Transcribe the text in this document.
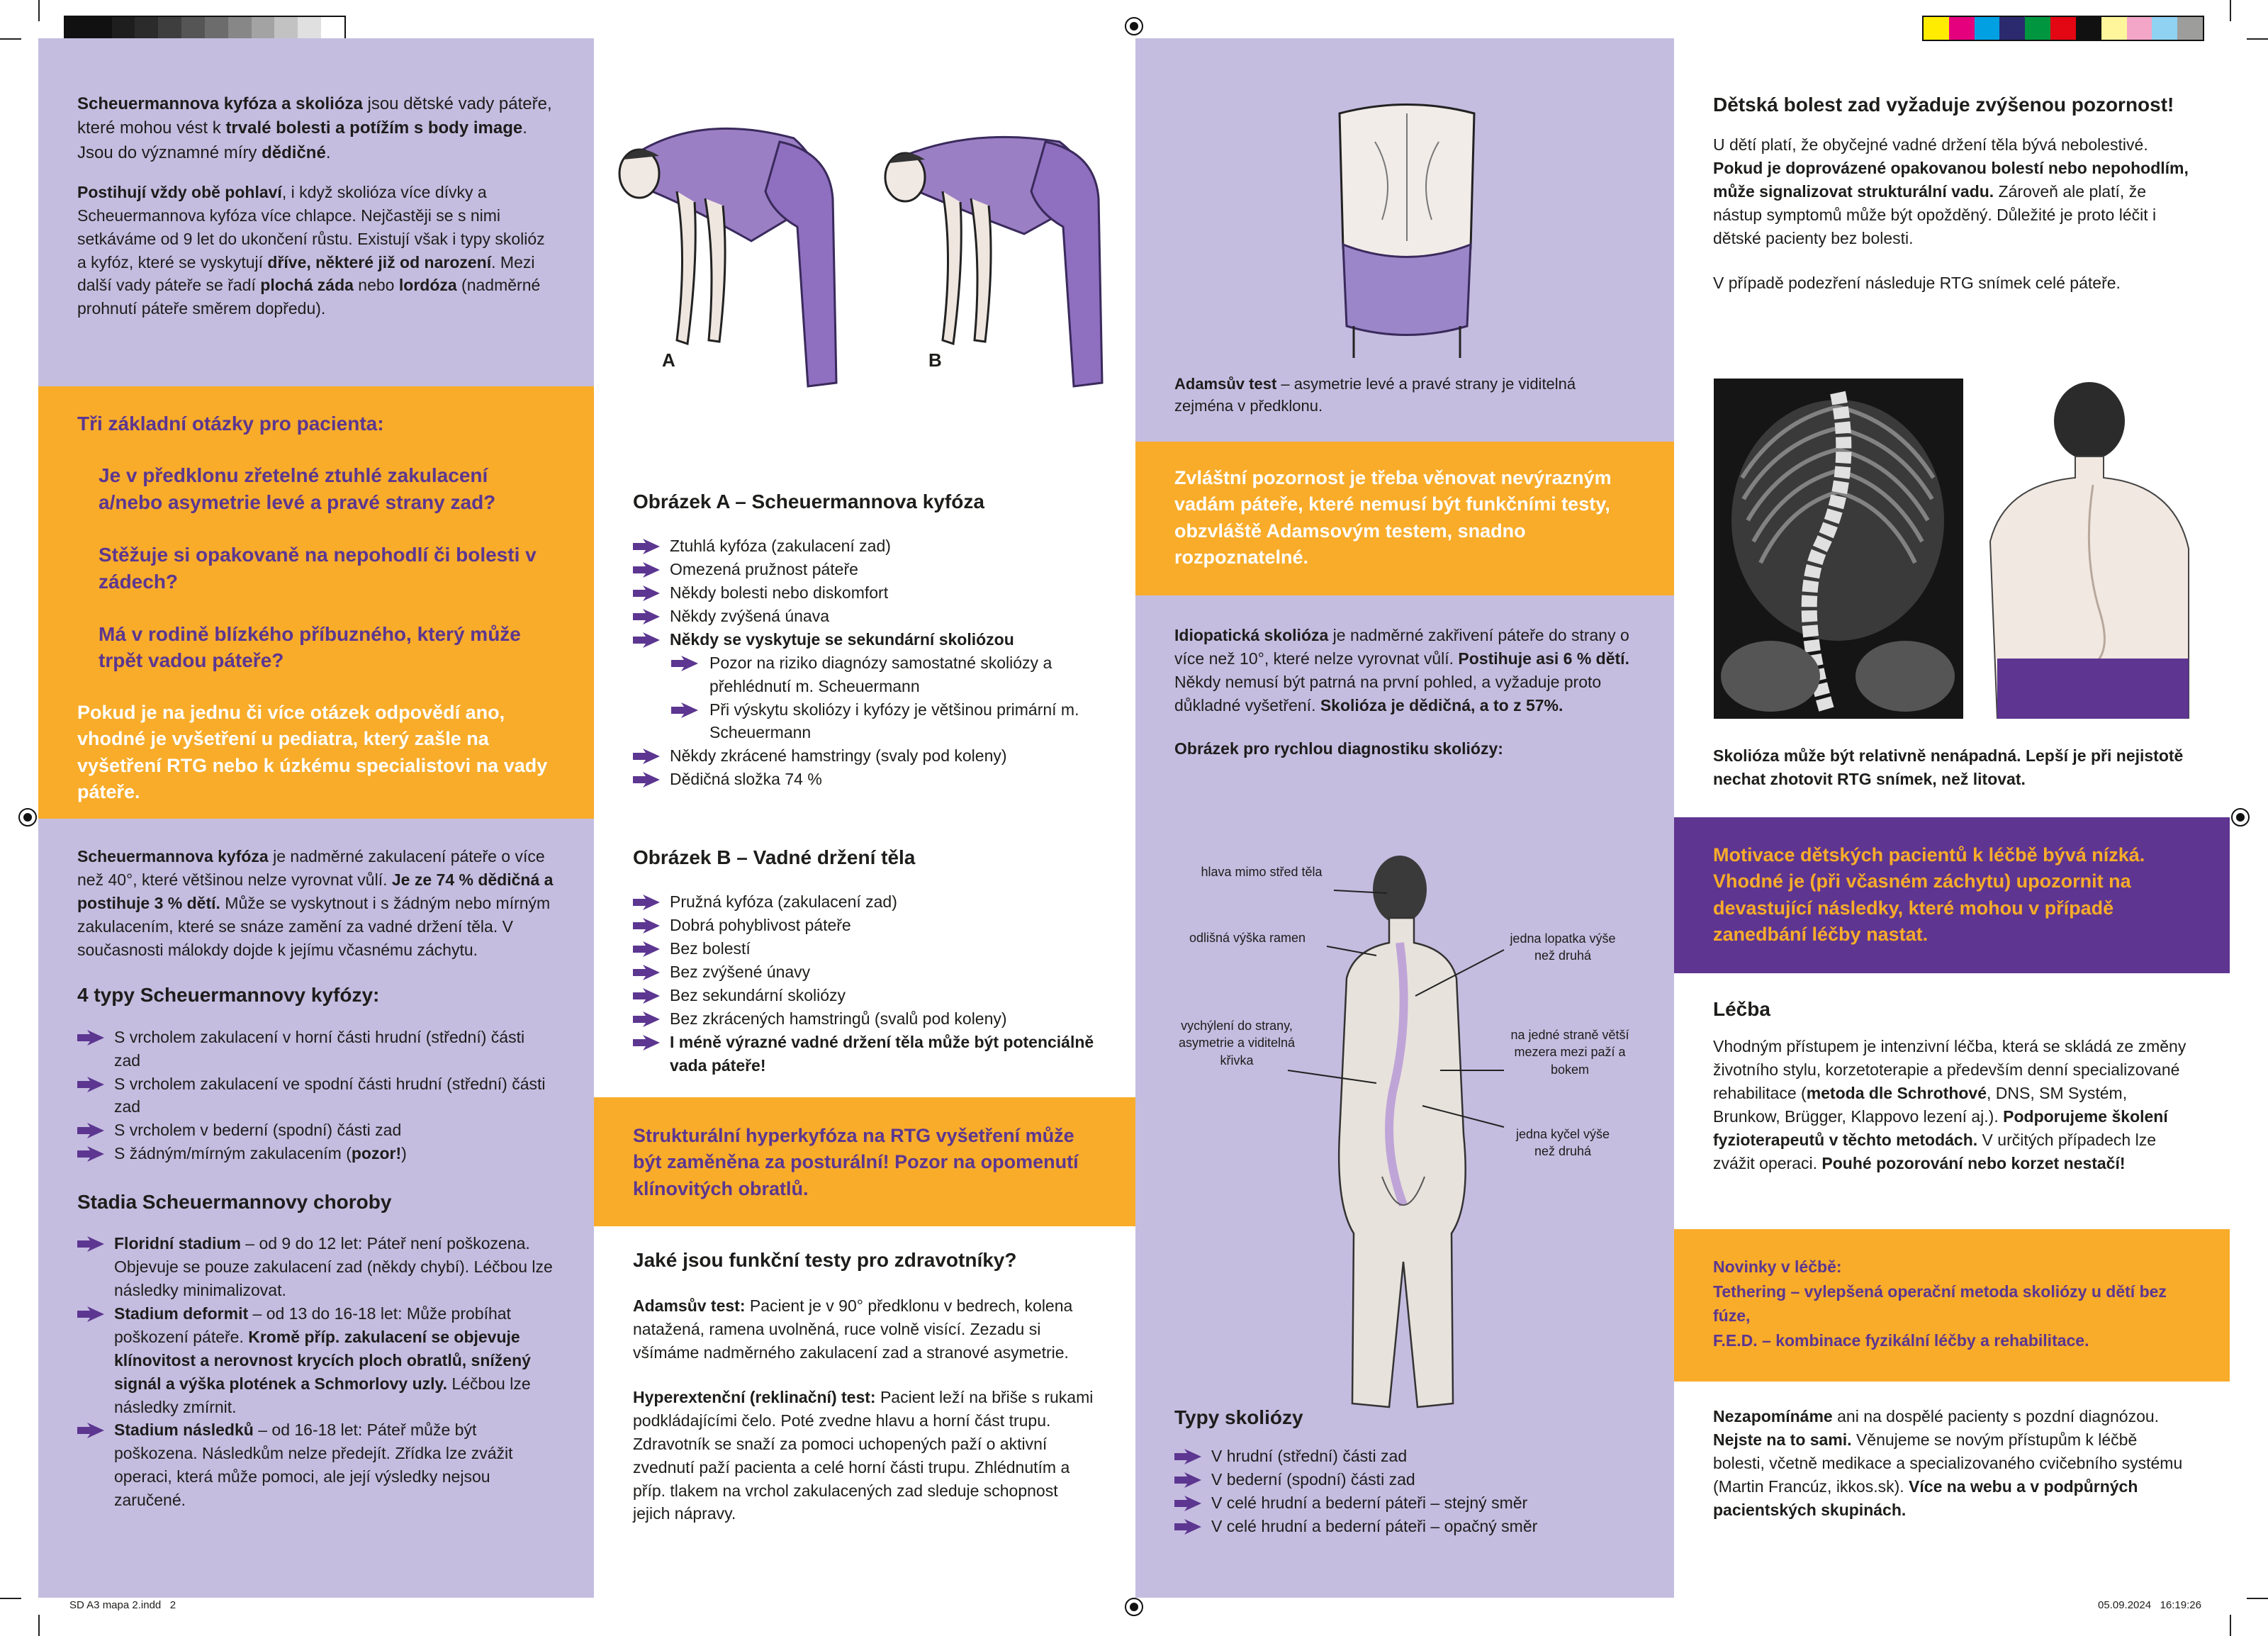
Scheuermannova kyfóza a skolióza jsou dětské vady páteře, které mohou vést k trvalé bolesti a potížím s body image. Jsou do významné míry dědičné.

Postihují vždy obě pohlaví, i když skolióza více dívky a Scheuermannova kyfóza více chlapce. Nejčastěji se s nimi setkáváme od 9 let do ukončení růstu. Existují však i typy skolióz a kyfóz, které se vyskytují dříve, některé již od narození. Mezi další vady páteře se řadí plochá záda nebo lordóza (nadměrné prohnutí páteře směrem dopředu).

Tři základní otázky pro pacienta:
1. Je v předklonu zřetelné ztuhlé zakulacení a/nebo asymetrie levé a pravé strany zad?
2. Stěžuje si opakovaně na nepohodlí či bolesti v zádech?
3. Má v rodině blízkého příbuzného, který může trpět vadou páteře?
Pokud je na jednu či více otázek odpovědí ano, vhodné je vyšetření u pediatra, který zašle na vyšetření RTG nebo k úzkému specialistovi na vady páteře.

Scheuermannova kyfóza je nadměrné zakulacení páteře o více než 40°, které většinou nelze vyrovnat vůlí. Je ze 74 % dědičná a postihuje 3 % dětí. Může se vyskytnout i s žádným nebo mírným zakulacením, které se snáze zamění za vadné držení těla. V současnosti málokdy dojde k jejímu včasnému záchytu.

4 typy Scheuermannovy kyfózy:
S vrcholem zakulacení v horní části hrudní (střední) části zad
S vrcholem zakulacení ve spodní části hrudní (střední) části zad
S vrcholem v bederní (spodní) části zad
S žádným/mírným zakulacením (pozor!)
Stadia Scheuermannovy choroby
Floridní stadium – od 9 do 12 let: Páteř není poškozena. Objevuje se pouze zakulacení zad (někdy chybí). Léčbou lze následky minimalizovat.
Stadium deformit – od 13 do 16-18 let: Může probíhat poškození páteře. Kromě příp. zakulacení se objevuje klínovitost a nerovnost krycích ploch obratlů, snížený signál a výška plotének a Schmorlovy uzly. Léčbou lze následky zmírnit.
Stadium následků – od 16-18 let: Páteř může být poškozena. Následkům nelze předejít. Zřídka lze zvážit operaci, která může pomoci, ale její výsledky nejsou zaručené.
A	B
Obrázek A – Scheuermannova kyfóza
Ztuhlá kyfóza (zakulacení zad)
Omezená pružnost páteře
Někdy bolesti nebo diskomfort
Někdy zvýšená únava
Někdy se vyskytuje se sekundární skoliózou
Pozor na riziko diagnózy samostatné skoliózy a přehlédnutí m. Scheuermann
Při výskytu skoliózy i kyfózy je většinou primární m. Scheuermann
Někdy zkrácené hamstringy (svaly pod koleny)
Dědičná složka 74 %
Obrázek B – Vadné držení těla
Pružná kyfóza (zakulacení zad)
Dobrá pohyblivost páteře
Bez bolestí
Bez zvýšené únavy
Bez sekundární skoliózy
Bez zkrácených hamstringů (svalů pod koleny)
I méně výrazné vadné držení těla může být potenciálně vada páteře!
Strukturální hyperkyfóza na RTG vyšetření může být zaměněna za posturální! Pozor na opomenutí klínovitých obratlů.
Jaké jsou funkční testy pro zdravotníky?

Adamsův test: Pacient je v 90° předklonu v bedrech, kolena natažená, ramena uvolněná, ruce volně visící. Zezadu si všímáme nadměrného zakulacení zad a stranové asymetrie.

Hyperextenční (reklinační) test: Pacient leží na břiše s rukami podkládajícími čelo. Poté zvedne hlavu a horní část trupu. Zdravotník se snaží za pomoci uchopených paží o aktivní zvednutí paží pacienta a celé horní části trupu. Zhlédnutím a příp. tlakem na vrchol zakulacených zad sleduje schopnost jejich nápravy.

Adamsův test – asymetrie levé a pravé strany je viditelná zejména v předklonu.
Zvláštní pozornost je třeba věnovat nevýrazným vadám páteře, které nemusí být funkčními testy, obzvláště Adamsovým testem, snadno rozpoznatelné.

Idiopatická skolióza je nadměrné zakřivení páteře do strany o více než 10°, které nelze vyrovnat vůlí. Postihuje asi 6 % dětí. Někdy nemusí být patrná na první pohled, a vyžaduje proto důkladné vyšetření. Skolióza je dědičná, a to z 57%.

Obrázek pro rychlou diagnostiku skoliózy:
hlava mimo střed těla
odlišná výška ramen	jedna lopatka výše než druhá
vychýlení do strany, asymetrie a viditelná křivka
na jedné straně větší mezera mezi paží a bokem
jedna kyčel výše než druhá
Typy skoliózy
V hrudní (střední) části zad
V bederní (spodní) části zad
V celé hrudní a bederní páteři – stejný směr
V celé hrudní a bederní páteři – opačný směr
Dětská bolest zad vyžaduje zvýšenou pozornost!

U dětí platí, že obyčejné vadné držení těla bývá nebolestivé. Pokud je doprovázené opakovanou bolestí nebo nepohodlím, může signalizovat strukturální vadu. Zároveň ale platí, že nástup symptomů může být opožděný. Důležité je proto léčit i dětské pacienty bez bolesti.

V případě podezření následuje RTG snímek celé páteře.

Skolióza může být relativně nenápadná. Lepší je při nejistotě nechat zhotovit RTG snímek, než litovat.
Motivace dětských pacientů k léčbě bývá nízká. Vhodné je (při včasném záchytu) upozornit na devastující následky, které mohou v případě zanedbání léčby nastat.
Léčba

Vhodným přístupem je intenzivní léčba, která se skládá ze změny životního stylu, korzetoterapie a především denní specializované rehabilitace (metoda dle Schrothové, DNS, SM Systém, Brunkow, Brügger, Klappovo lezení aj.). Podporujeme školení fyzioterapeutů v těchto metodách. V určitých případech lze zvážit operaci. Pouhé pozorování nebo korzet nestačí!

Novinky v léčbě:
Tethering – vylepšená operační metoda skoliózy u dětí bez fúze,
F.E.D. – kombinace fyzikální léčby a rehabilitace.
Nezapomínáme ani na dospělé pacienty s pozdní diagnózou. Nejste na to sami. Věnujeme se novým přístupům k léčbě bolesti, včetně medikace a specializovaného cvičebního systému (Martin Francúz, ikkos.sk). Více na webu a v podpůrných pacientských skupinách.
SD A3 mapa 2.indd   2	05.09.2024   16:19:26
